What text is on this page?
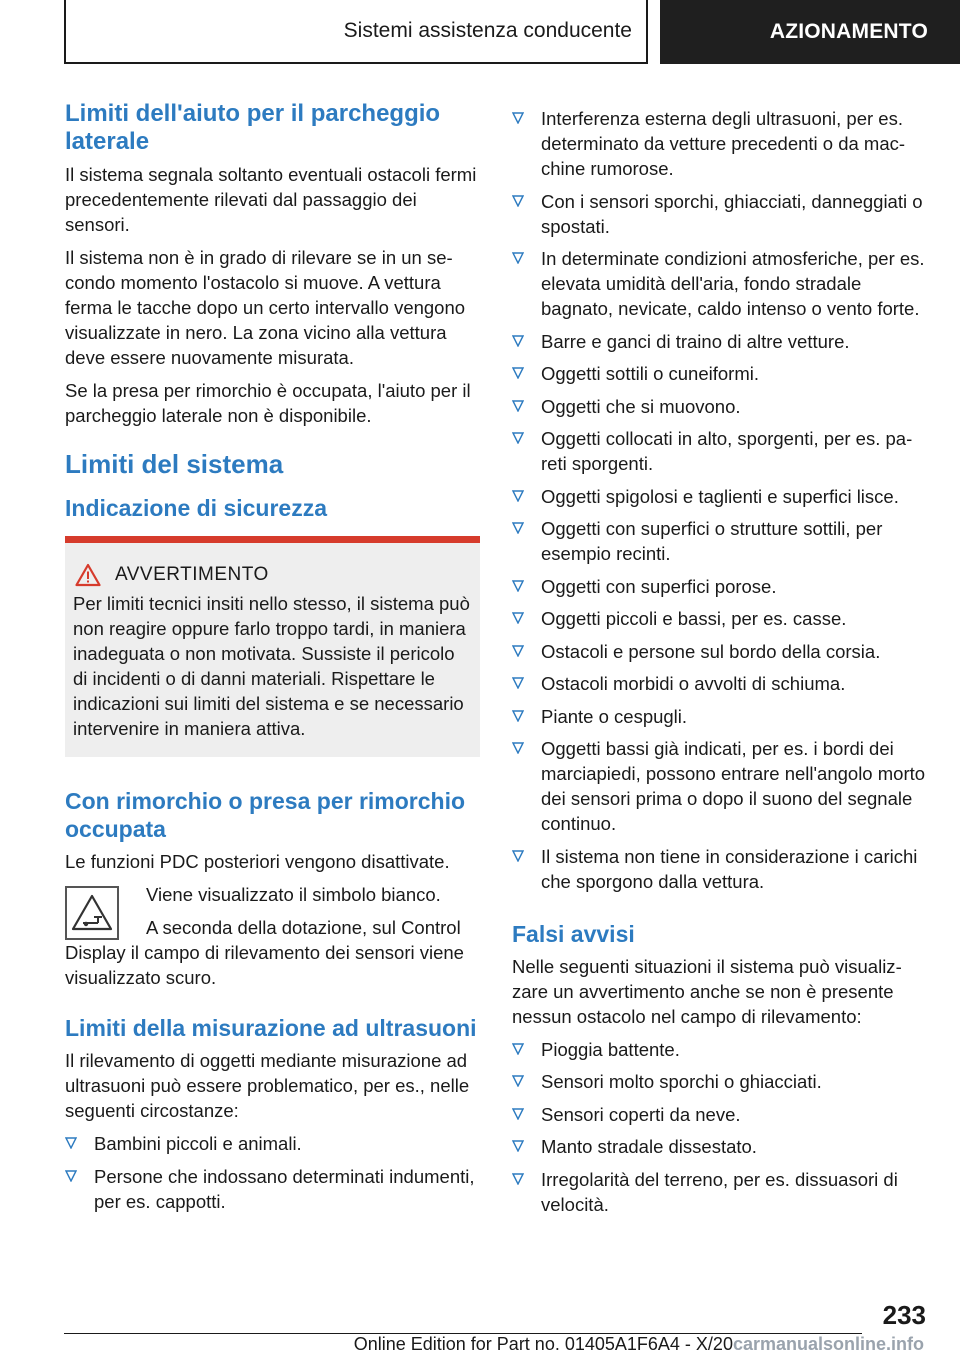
Sistemi assistenza conducente	AZIONAMENTO
Limiti dell'aiuto per il parcheggio laterale

Il sistema segnala soltanto eventuali ostacoli fermi precedentemente rilevati dal passaggio dei sensori.

Il sistema non è in grado di rilevare se in un secondo momento l'ostacolo si muove. A vettura ferma le tacche dopo un certo intervallo vengono visualizzate in nero. La zona vicino alla vettura deve essere nuovamente misurata.

Se la presa per rimorchio è occupata, l'aiuto per il parcheggio laterale non è disponibile.

Limiti del sistema
Indicazione di sicurezza
AVVERTIMENTO

Per limiti tecnici insiti nello stesso, il sistema può non reagire oppure farlo troppo tardi, in maniera inadeguata o non motivata. Sussiste il pericolo di incidenti o di danni materiali. Rispettare le indicazioni sui limiti del sistema e se necessario intervenire in maniera attiva.

Con rimorchio o presa per rimorchio occupata

Le funzioni PDC posteriori vengono disattivate.

Viene visualizzato il simbolo bianco.

A seconda della dotazione, sul Control Display il campo di rilevamento dei sensori viene visualizzato scuro.

Limiti della misurazione ad ultrasuoni

Il rilevamento di oggetti mediante misurazione ad ultrasuoni può essere problematico, per es., nelle seguenti circostanze:

Bambini piccoli e animali.
Persone che indossano determinati indumenti, per es. cappotti.
Interferenza esterna degli ultrasuoni, per es. determinato da vetture precedenti o da macchine rumorose.
Con i sensori sporchi, ghiacciati, danneggiati o spostati.
In determinate condizioni atmosferiche, per es. elevata umidità dell'aria, fondo stradale bagnato, nevicate, caldo intenso o vento forte.
Barre e ganci di traino di altre vetture.
Oggetti sottili o cuneiformi.
Oggetti che si muovono.
Oggetti collocati in alto, sporgenti, per es. pareti sporgenti.
Oggetti spigolosi e taglienti e superfici lisce.
Oggetti con superfici o strutture sottili, per esempio recinti.
Oggetti con superfici porose.
Oggetti piccoli e bassi, per es. casse.
Ostacoli e persone sul bordo della corsia.
Ostacoli morbidi o avvolti di schiuma.
Piante o cespugli.
Oggetti bassi già indicati, per es. i bordi dei marciapiedi, possono entrare nell'angolo morto dei sensori prima o dopo il suono del segnale continuo.
Il sistema non tiene in considerazione i carichi che sporgono dalla vettura.
Falsi avvisi

Nelle seguenti situazioni il sistema può visualizzare un avvertimento anche se non è presente nessun ostacolo nel campo di rilevamento:

Pioggia battente.
Sensori molto sporchi o ghiacciati.
Sensori coperti da neve.
Manto stradale dissestato.
Irregolarità del terreno, per es. dissuasori di velocità.
233
Online Edition for Part no. 01405A1F6A4 - X/20carmanualsonline.info
